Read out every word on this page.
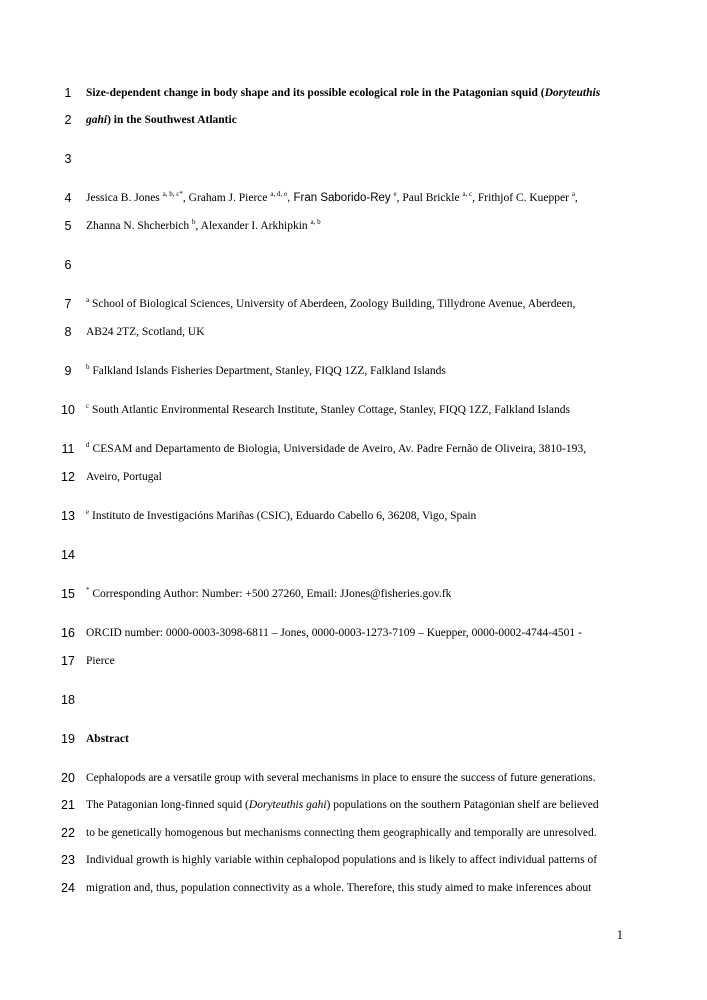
1
2
3
4
5
6
7
8
9
10
11
12
13
14
15
16
17
18
19
20
21
22
23
24
Size-dependent change in body shape and its possible ecological role in the Patagonian squid (Doryteuthis
gahi) in the Southwest Atlantic
Jessica B. Jones $^{a, b, c*}$, Graham J. Pierce $^{a, d, e}$, Fran Saborido-Rey $^e$, Paul Brickle $^{a, c}$, Frithjof C. Kuepper $^a$,
Zhanna N. Shcherbich $^b$, Alexander I. Arkhipkin $^{a, b}$
$^a$ School of Biological Sciences, University of Aberdeen, Zoology Building, Tillydrone Avenue, Aberdeen,
AB24 2TZ, Scotland, UK
$^b$ Falkland Islands Fisheries Department, Stanley, FIQQ 1ZZ, Falkland Islands
$^c$ South Atlantic Environmental Research Institute, Stanley Cottage, Stanley, FIQQ 1ZZ, Falkland Islands
$^d$ CESAM and Departamento de Biologia, Universidade de Aveiro, Av. Padre Fernão de Oliveira, 3810-193,
Aveiro, Portugal
$^e$ Instituto de Investigacións Mariñas (CSIC), Eduardo Cabello 6, 36208, Vigo, Spain
* Corresponding Author: Number: +500 27260, Email: JJones@fisheries.gov.fk
ORCID number: 0000-0003-3098-6811 – Jones, 0000-0003-1273-7109 – Kuepper, 0000-0002-4744-4501 -
Pierce
Abstract
Cephalopods are a versatile group with several mechanisms in place to ensure the success of future generations.
The Patagonian long-finned squid (Doryteuthis gahi) populations on the southern Patagonian shelf are believed
to be genetically homogenous but mechanisms connecting them geographically and temporally are unresolved.
Individual growth is highly variable within cephalopod populations and is likely to affect individual patterns of
migration and, thus, population connectivity as a whole. Therefore, this study aimed to make inferences about
1
